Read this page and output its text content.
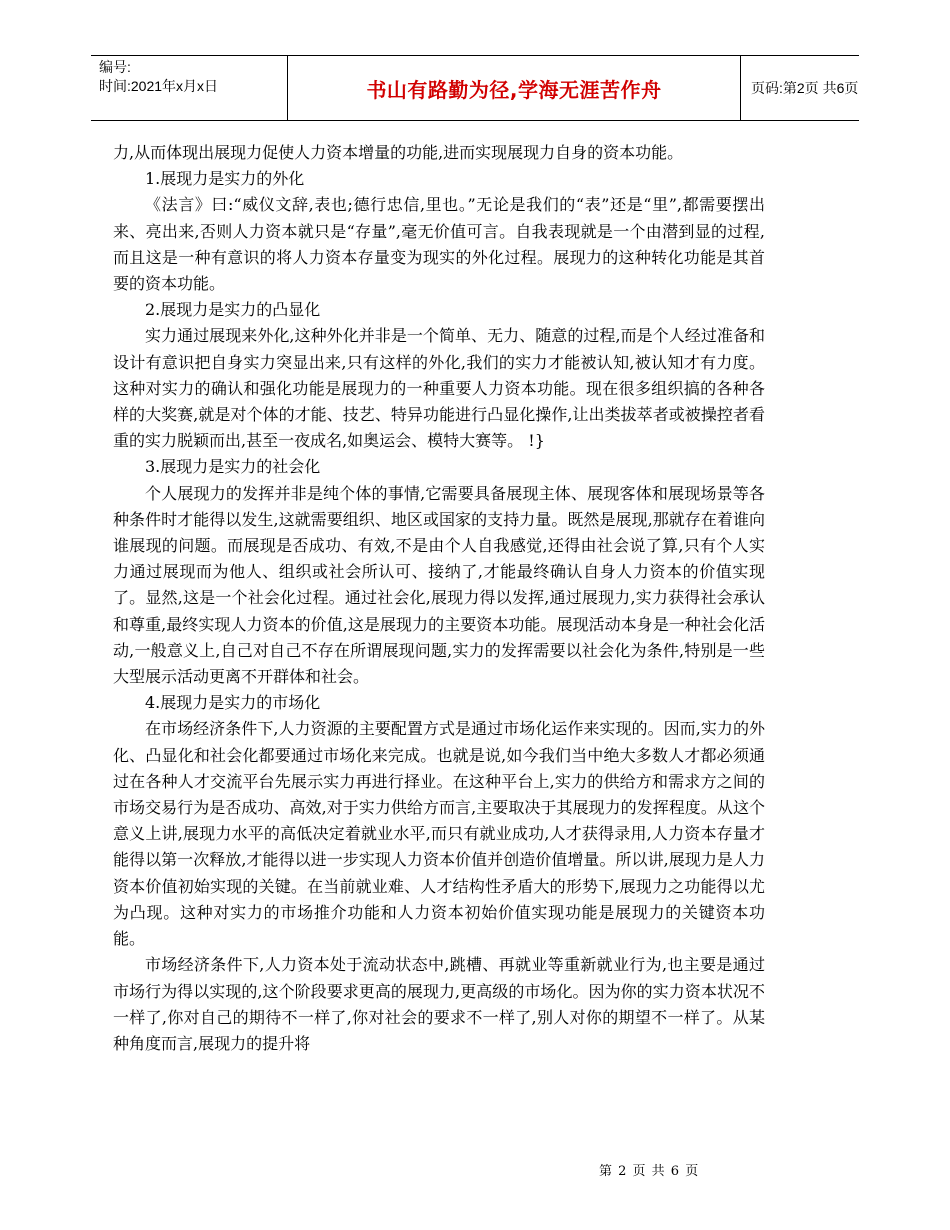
编号:
时间:2021年x月x日	书山有路勤为径,学海无涯苦作舟	页码:第2页 共6页

力,从而体现出展现力促使人力资本增量的功能,进而实现展现力自身的资本功能。

1.展现力是实力的外化

《法言》曰:“威仪文辞,表也;德行忠信,里也。”无论是我们的“表”还是“里”,都需要摆出来、亮出来,否则人力资本就只是“存量”,毫无价值可言。自我表现就是一个由潜到显的过程,而且这是一种有意识的将人力资本存量变为现实的外化过程。展现力的这种转化功能是其首要的资本功能。

2.展现力是实力的凸显化

实力通过展现来外化,这种外化并非是一个简单、无力、随意的过程,而是个人经过准备和设计有意识把自身实力突显出来,只有这样的外化,我们的实力才能被认知,被认知才有力度。这种对实力的确认和强化功能是展现力的一种重要人力资本功能。现在很多组织搞的各种各样的大奖赛,就是对个体的才能、技艺、特异功能进行凸显化操作,让出类拔萃者或被操控者看重的实力脱颖而出,甚至一夜成名,如奥运会、模特大赛等。 !}

3.展现力是实力的社会化

个人展现力的发挥并非是纯个体的事情,它需要具备展现主体、展现客体和展现场景等各种条件时才能得以发生,这就需要组织、地区或国家的支持力量。既然是展现,那就存在着谁向谁展现的问题。而展现是否成功、有效,不是由个人自我感觉,还得由社会说了算,只有个人实力通过展现而为他人、组织或社会所认可、接纳了,才能最终确认自身人力资本的价值实现了。显然,这是一个社会化过程。通过社会化,展现力得以发挥,通过展现力,实力获得社会承认和尊重,最终实现人力资本的价值,这是展现力的主要资本功能。展现活动本身是一种社会化活动,一般意义上,自己对自己不存在所谓展现问题,实力的发挥需要以社会化为条件,特别是一些大型展示活动更离不开群体和社会。

4.展现力是实力的市场化

在市场经济条件下,人力资源的主要配置方式是通过市场化运作来实现的。因而,实力的外化、凸显化和社会化都要通过市场化来完成。也就是说,如今我们当中绝大多数人才都必须通过在各种人才交流平台先展示实力再进行择业。在这种平台上,实力的供给方和需求方之间的市场交易行为是否成功、高效,对于实力供给方而言,主要取决于其展现力的发挥程度。从这个意义上讲,展现力水平的高低决定着就业水平,而只有就业成功,人才获得录用,人力资本存量才能得以第一次释放,才能得以进一步实现人力资本价值并创造价值增量。所以讲,展现力是人力资本价值初始实现的关键。在当前就业难、人才结构性矛盾大的形势下,展现力之功能得以尤为凸现。这种对实力的市场推介功能和人力资本初始价值实现功能是展现力的关键资本功能。

市场经济条件下,人力资本处于流动状态中,跳槽、再就业等重新就业行为,也主要是通过市场行为得以实现的,这个阶段要求更高的展现力,更高级的市场化。因为你的实力资本状况不一样了,你对自己的期待不一样了,你对社会的要求不一样了,别人对你的期望不一样了。从某种角度而言,展现力的提升将

第 2 页 共 6 页
